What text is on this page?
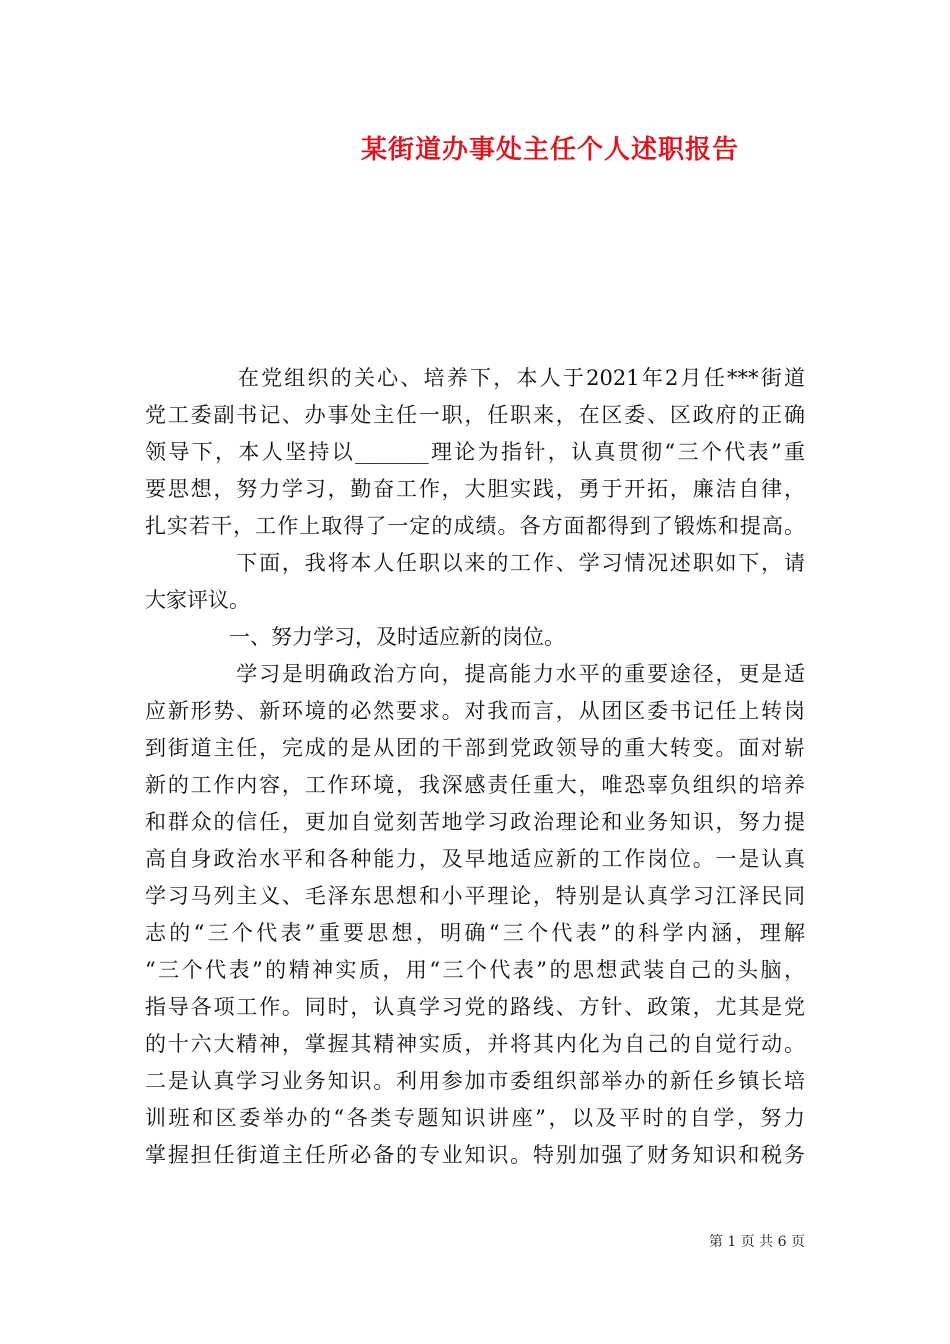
某街道办事处主任个人述职报告
　　　　在党组织的关心、培养下，本人于2021年2月任***街道
党工委副书记、办事处主任一职，任职来，在区委、区政府的正确
领导下，本人坚持以_______理论为指针，认真贯彻“三个代表”重
要思想，努力学习，勤奋工作，大胆实践，勇于开拓，廉洁自律，
扎实若干，工作上取得了一定的成绩。各方面都得到了锻炼和提高。
　　　　下面，我将本人任职以来的工作、学习情况述职如下，请
大家评议。
　　　　一、努力学习，及时适应新的岗位。
　　　　学习是明确政治方向，提高能力水平的重要途径，更是适
应新形势、新环境的必然要求。对我而言，从团区委书记任上转岗
到街道主任，完成的是从团的干部到党政领导的重大转变。面对崭
新的工作内容，工作环境，我深感责任重大，唯恐辜负组织的培养
和群众的信任，更加自觉刻苦地学习政治理论和业务知识，努力提
高自身政治水平和各种能力，及早地适应新的工作岗位。一是认真
学习马列主义、毛泽东思想和小平理论，特别是认真学习江泽民同
志的“三个代表”重要思想，明确“三个代表”的科学内涵，理解
“三个代表”的精神实质，用“三个代表”的思想武装自己的头脑，
指导各项工作。同时，认真学习党的路线、方针、政策，尤其是党
的十六大精神，掌握其精神实质，并将其内化为自己的自觉行动。
二是认真学习业务知识。利用参加市委组织部举办的新任乡镇长培
训班和区委举办的“各类专题知识讲座”，以及平时的自学，努力
掌握担任街道主任所必备的专业知识。特别加强了财务知识和税务
第 1 页 共 6 页
